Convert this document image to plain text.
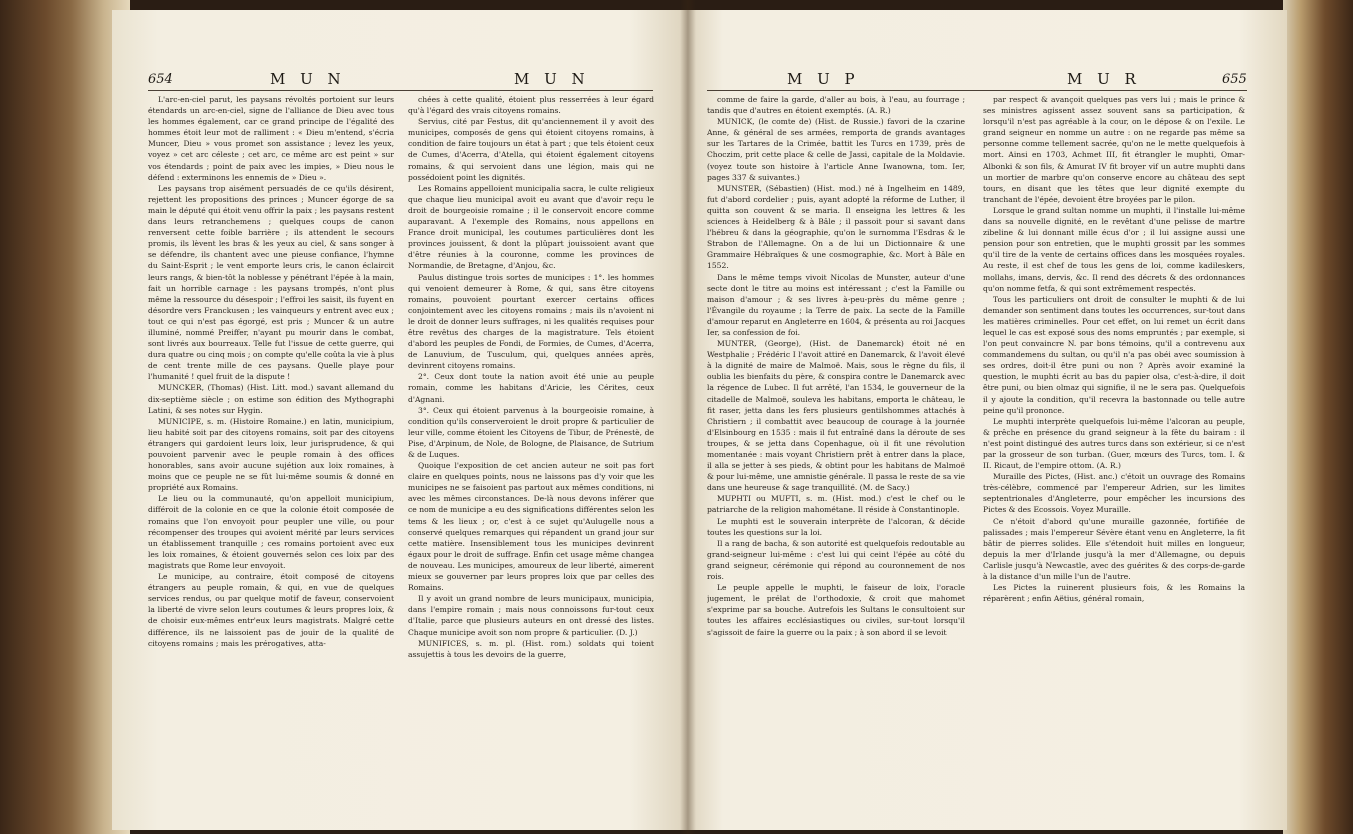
654	M U N	M U N

L'arc-en-ciel parut, les paysans révoltés portoient sur leurs étendards un arc-en-ciel, signe de l'alliance de Dieu avec tous les hommes également, car ce grand principe de l'égalité des hommes étoit leur mot de ralliment : « Dieu m'entend, s'écria Muncer, Dieu » vous promet son assistance ; levez les yeux, voyez » cet arc céleste ; cet arc, ce même arc est peint » sur vos étendards ; point de paix avec les impies, » Dieu nous le défend : exterminons les ennemis de » Dieu ».

Les paysans trop aisément persuadés de ce qu'ils désirent, rejettent les propositions des princes ; Muncer égorge de sa main le député qui étoit venu offrir la paix ; les paysans restent dans leurs retranchemens ; quelques coups de canon renversent cette foible barrière ; ils attendent le secours promis, ils lèvent les bras & les yeux au ciel, & sans songer à se défendre, ils chantent avec une pieuse confiance, l'hymne du Saint-Esprit ; le vent emporte leurs cris, le canon éclaircit leurs rangs, & bien-tôt la noblesse y pénétrant l'épée à la main, fait un horrible carnage : les paysans trompés, n'ont plus même la ressource du désespoir ; l'effroi les saisit, ils fuyent en désordre vers Franckusen ; les vainqueurs y entrent avec eux ; tout ce qui n'est pas égorgé, est pris ; Muncer & un autre illuminé, nommé Preiffer, n'ayant pu mourir dans le combat, sont livrés aux bourreaux. Telle fut l'issue de cette guerre, qui dura quatre ou cinq mois ; on compte qu'elle coûta la vie à plus de cent trente mille de ces paysans. Quelle playe pour l'humanité ! quel fruit de la dispute !

MUNCKER, (Thomas) (Hist. Litt. mod.) savant allemand du dix-septième siècle ; on estime son édition des Mythographi Latini, & ses notes sur Hygin.

MUNICIPE, s. m. (Histoire Romaine.) en latin, municipium, lieu habité soit par des citoyens romains, soit par des citoyens étrangers qui gardoient leurs loix, leur jurisprudence, & qui pouvoient parvenir avec le peuple romain à des offices honorables, sans avoir aucune sujétion aux loix romaines, à moins que ce peuple ne se fût lui-même soumis & donné en propriété aux Romains.

Le lieu ou la communauté, qu'on appelloit municipium, différoit de la colonie en ce que la colonie étoit composée de romains que l'on envoyoit pour peupler une ville, ou pour récompenser des troupes qui avoient mérité par leurs services un établissement tranquille ; ces romains portoient avec eux les loix romaines, & étoient gouvernés selon ces loix par des magistrats que Rome leur envoyoit.

Le municipe, au contraire, étoit composé de citoyens étrangers au peuple romain, & qui, en vue de quelques services rendus, ou par quelque motif de faveur, conservoient la liberté de vivre selon leurs coutumes & leurs propres loix, & de choisir eux-mêmes entr'eux leurs magistrats. Malgré cette différence, ils ne laissoient pas de jouir de la qualité de citoyens romains ; mais les prérogatives, atta-

chées à cette qualité, étoient plus resserrées à leur égard qu'à l'égard des vrais citoyens romains.

Servius, cité par Festus, dit qu'anciennement il y avoit des municipes, composés de gens qui étoient citoyens romains, à condition de faire toujours un état à part ; que tels étoient ceux de Cumes, d'Acerra, d'Atella, qui étoient également citoyens romains, & qui servoient dans une légion, mais qui ne possédoient point les dignités.

Les Romains appelloient municipalia sacra, le culte religieux que chaque lieu municipal avoit eu avant que d'avoir reçu le droit de bourgeoisie romaine ; il le conservoit encore comme auparavant. A l'exemple des Romains, nous appellons en France droit municipal, les coutumes particulières dont les provinces jouissent, & dont la plûpart jouissoient avant que d'être réunies à la couronne, comme les provinces de Normandie, de Bretagne, d'Anjou, &c.

Paulus distingue trois sortes de municipes : 1°. les hommes qui venoient demeurer à Rome, & qui, sans être citoyens romains, pouvoient pourtant exercer certains offices conjointement avec les citoyens romains ; mais ils n'avoient ni le droit de donner leurs suffrages, ni les qualités requises pour être revêtus des charges de la magistrature. Tels étoient d'abord les peuples de Fondi, de Formies, de Cumes, d'Acerra, de Lanuvium, de Tusculum, qui, quelques années après, devinrent citoyens romains.

2°. Ceux dont toute la nation avoit été unie au peuple romain, comme les habitans d'Aricie, les Cérites, ceux d'Agnani.

3°. Ceux qui étoient parvenus à la bourgeoisie romaine, à condition qu'ils conserveroient le droit propre & particulier de leur ville, comme étoient les Citoyens de Tibur, de Prénestè, de Pise, d'Arpinum, de Nole, de Bologne, de Plaisance, de Sutrium & de Luques.

Quoique l'exposition de cet ancien auteur ne soit pas fort claire en quelques points, nous ne laissons pas d'y voir que les municipes ne se faisoient pas partout aux mêmes conditions, ni avec les mêmes circonstances. De-là nous devons inférer que ce nom de municipe a eu des significations différentes selon les tems & les lieux ; or, c'est à ce sujet qu'Aulugelle nous a conservé quelques remarques qui répandent un grand jour sur cette matière. Insensiblement tous les municipes devinrent égaux pour le droit de suffrage. Enfin cet usage même changea de nouveau. Les municipes, amoureux de leur liberté, aimerent mieux se gouverner par leurs propres loix que par celles des Romains.

Il y avoit un grand nombre de leurs municipaux, municipia, dans l'empire romain ; mais nous connoissons fur-tout ceux d'Italie, parce que plusieurs auteurs en ont dressé des listes. Chaque municipe avoit son nom propre & particulier. (D. J.)

MUNIFICES, s. m. pl. (Hist. rom.) soldats qui toient assujettis à tous les devoirs de la guerre,

M U P	M U R	655

comme de faire la garde, d'aller au bois, à l'eau, au fourrage ; tandis que d'autres en étoient exemptés. (A. R.)

MUNICK, (le comte de) (Hist. de Russie.) favori de la czarine Anne, & général de ses armées, remporta de grands avantages sur les Tartares de la Crimée, battit les Turcs en 1739, près de Choczim, prit cette place & celle de Jassi, capitale de la Moldavie. (voyez toute son histoire à l'article Anne Iwanowna, tom. Ier, pages 337 & suivantes.)

MUNSTER, (Sébastien) (Hist. mod.) né à Ingelheim en 1489, fut d'abord cordelier ; puis, ayant adopté la réforme de Luther, il quitta son couvent & se maria. Il enseigna les lettres & les sciences à Heidelberg & à Bâle ; il passoit pour si savant dans l'hébreu & dans la géographie, qu'on le surnomma l'Esdras & le Strabon de l'Allemagne. On a de lui un Dictionnaire & une Grammaire Hébraïques & une cosmographie, &c. Mort à Bâle en 1552.

Dans le même temps vivoit Nicolas de Munster, auteur d'une secte dont le titre au moins est intéressant ; c'est la Famille ou maison d'amour ; & ses livres à-peu-près du même genre ; l'Évangile du royaume ; la Terre de paix. La secte de la Famille d'amour reparut en Angleterre en 1604, & présenta au roi Jacques Ier, sa confession de foi.

MUNTER, (George), (Hist. de Danemarck) étoit né en Westphalie ; Frédéric I l'avoit attiré en Danemarck, & l'avoit élevé à la dignité de maire de Malmoë. Mais, sous le règne du fils, il oublia les bienfaits du père, & conspira contre le Danemarck avec la régence de Lubec. Il fut arrêté, l'an 1534, le gouverneur de la citadelle de Malmoë, souleva les habitans, emporta le château, le fit raser, jetta dans les fers plusieurs gentilshommes attachés à Christiern ; il combattit avec beaucoup de courage à la journée d'Elsinbourg en 1535 : mais il fut entraîné dans la déroute de ses troupes, & se jetta dans Copenhague, où il fit une révolution momentanée : mais voyant Christiern prêt à entrer dans la place, il alla se jetter à ses pieds, & obtint pour les habitans de Malmoë & pour lui-même, une amnistie générale. Il passa le reste de sa vie dans une heureuse & sage tranquillité. (M. de Sacy.)

MUPHTI ou MUFTI, s. m. (Hist. mod.) c'est le chef ou le patriarche de la religion mahométane. Il réside à Constantinople.

Le muphti est le souverain interprète de l'alcoran, & décide toutes les questions sur la loi.

Il a rang de bacha, & son autorité est quelquefois redoutable au grand-seigneur lui-même : c'est lui qui ceint l'épée au côté du grand seigneur, cérémonie qui répond au couronnement de nos rois.

Le peuple appelle le muphti, le faiseur de loix, l'oracle jugement, le prélat de l'orthodoxie, & croit que mahomet s'exprime par sa bouche. Autrefois les Sultans le consultoient sur toutes les affaires ecclésiastiques ou civiles, sur-tout lorsqu'il s'agissoit de faire la guerre ou la paix ; à son abord il se levoit

par respect & avançoit quelques pas vers lui ; mais le prince & ses ministres agissent assez souvent sans sa participation, & lorsqu'il n'est pas agréable à la cour, on le dépose & on l'exile. Le grand seigneur en nomme un autre : on ne regarde pas même sa personne comme tellement sacrée, qu'on ne le mette quelquefois à mort. Ainsi en 1703, Achmet III, fit étrangler le muphti, Omar-Albonki & son fils, & Amurat IV fit broyer vif un autre muphti dans un mortier de marbre qu'on conserve encore au château des sept tours, en disant que les têtes que leur dignité exempte du tranchant de l'épée, devoient être broyées par le pilon.

Lorsque le grand sultan nomme un muphti, il l'installe lui-même dans sa nouvelle dignité, en le revêtant d'une pelisse de martre zibeline & lui donnant mille écus d'or ; il lui assigne aussi une pension pour son entretien, que le muphti grossit par les sommes qu'il tire de la vente de certains offices dans les mosquées royales. Au reste, il est chef de tous les gens de loi, comme kadileskers, mollahs, imans, dervis, &c. Il rend des décrets & des ordonnances qu'on nomme fetfa, & qui sont extrêmement respectés.

Tous les particuliers ont droit de consulter le muphti & de lui demander son sentiment dans toutes les occurrences, sur-tout dans les matières criminelles. Pour cet effet, on lui remet un écrit dans lequel le cas est exposé sous des noms empruntés ; par exemple, si l'on peut convaincre N. par bons témoins, qu'il a contrevenu aux commandemens du sultan, ou qu'il n'a pas obéi avec soumission à ses ordres, doit-il être puni ou non ? Après avoir examiné la question, le muphti écrit au bas du papier olsa, c'est-à-dire, il doit être puni, ou bien olmaz qui signifie, il ne le sera pas. Quelquefois il y ajoute la condition, qu'il recevra la bastonnade ou telle autre peine qu'il prononce.

Le muphti interprète quelquefois lui-même l'alcoran au peuple, & prêche en présence du grand seigneur à la fête du bairam : il n'est point distingué des autres turcs dans son extérieur, si ce n'est par la grosseur de son turban. (Guer, mœurs des Turcs, tom. I. & II. Ricaut, de l'empire ottom. (A. R.)

Muraille des Pictes, (Hist. anc.) c'étoit un ouvrage des Romains très-célèbre, commencé par l'empereur Adrien, sur les limites septentrionales d'Angleterre, pour empêcher les incursions des Pictes & des Ecossois. Voyez Muraille.

Ce n'étoit d'abord qu'une muraille gazonnée, fortifiée de palissades ; mais l'empereur Sévère étant venu en Angleterre, la fit bâtir de pierres solides. Elle s'étendoit huit milles en longueur, depuis la mer d'Irlande jusqu'à la mer d'Allemagne, ou depuis Carlisle jusqu'à Newcastle, avec des guérites & des corps-de-garde à la distance d'un mille l'un de l'autre.

Les Pictes la ruinerent plusieurs fois, & les Romains la réparèrent ; enfin Aëtius, général romain,
